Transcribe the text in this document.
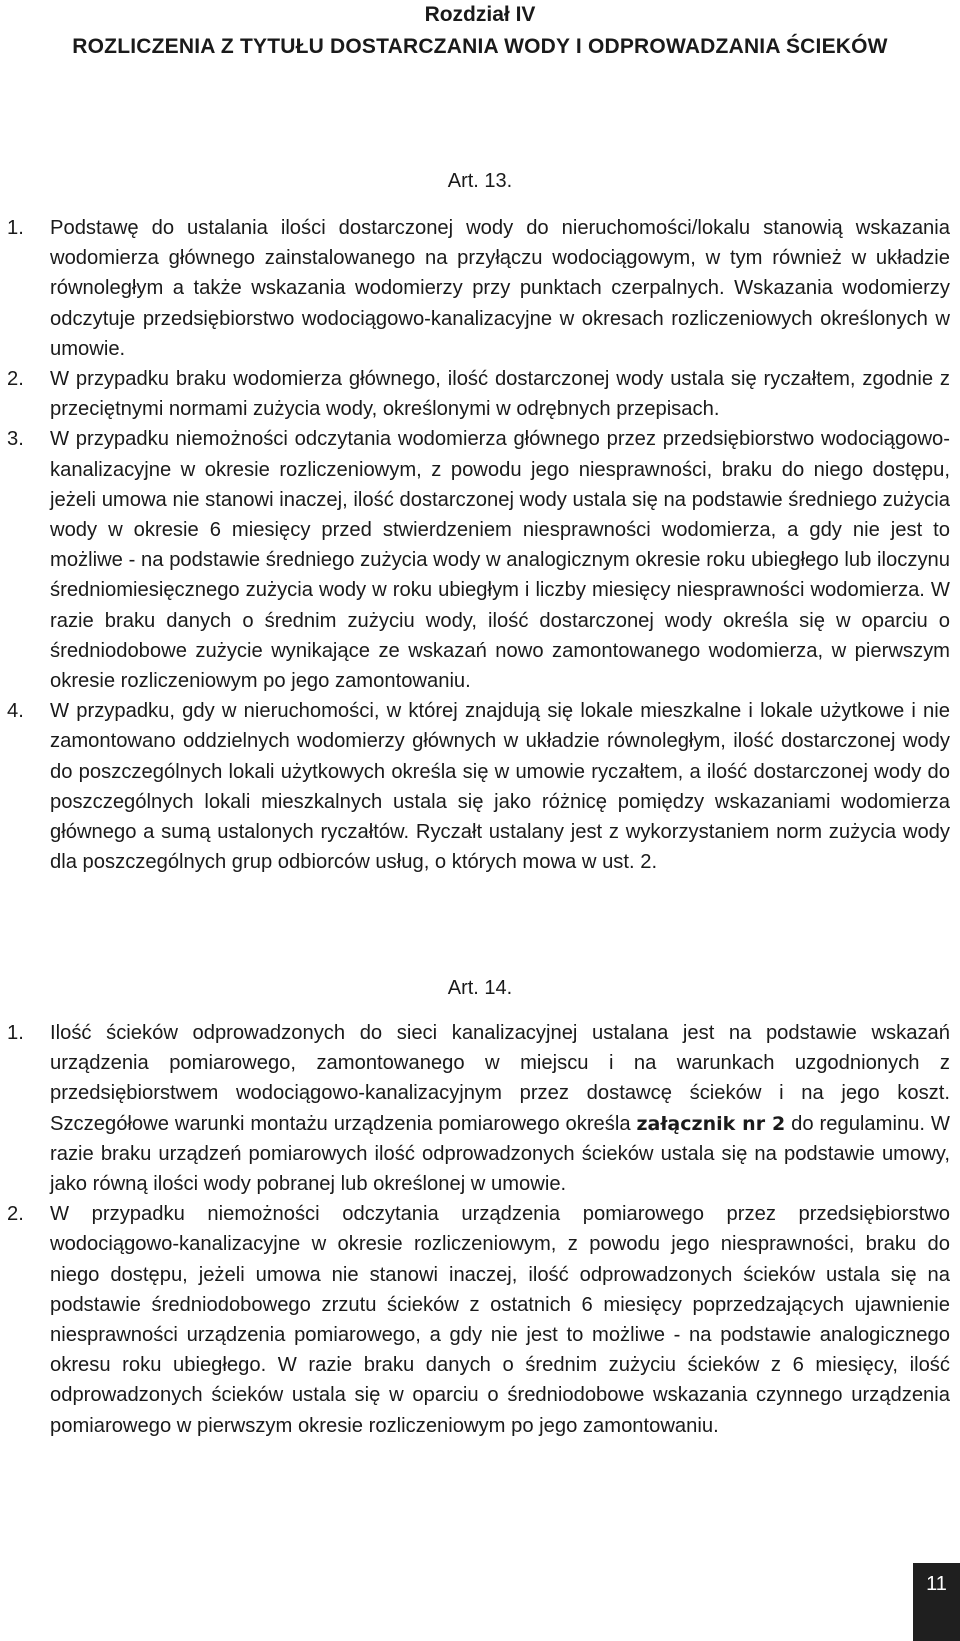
Rozdział IV
ROZLICZENIA Z TYTUŁU DOSTARCZANIA WODY I ODPROWADZANIA ŚCIEKÓW
Art. 13.

1. Podstawę do ustalania ilości dostarczonej wody do nieruchomości/lokalu stanowią wskazania wodomierza głównego zainstalowanego na przyłączu wodociągowym, w tym również w układzie równoległym a także wskazania wodomierzy przy punktach czerpalnych. Wskazania wodomierzy odczytuje przedsiębiorstwo wodociągowo-kanalizacyjne w okresach rozliczeniowych określonych w umowie.

2. W przypadku braku wodomierza głównego, ilość dostarczonej wody ustala się ryczałtem, zgodnie z przeciętnymi normami zużycia wody, określonymi w odrębnych przepisach.

3. W przypadku niemożności odczytania wodomierza głównego przez przedsiębiorstwo wodociągowo-kanalizacyjne w okresie rozliczeniowym, z powodu jego niesprawności, braku do niego dostępu, jeżeli umowa nie stanowi inaczej, ilość dostarczonej wody ustala się na podstawie średniego zużycia wody w okresie 6 miesięcy przed stwierdzeniem niesprawności wodomierza, a gdy nie jest to możliwe - na podstawie średniego zużycia wody w analogicznym okresie roku ubiegłego lub iloczynu średniomiesięcznego zużycia wody w roku ubiegłym i liczby miesięcy niesprawności wodomierza. W razie braku danych o średnim zużyciu wody, ilość dostarczonej wody określa się w oparciu o średniodobowe zużycie wynikające ze wskazań nowo zamontowanego wodomierza, w pierwszym okresie rozliczeniowym po jego zamontowaniu.

4. W przypadku, gdy w nieruchomości, w której znajdują się lokale mieszkalne i lokale użytkowe i nie zamontowano oddzielnych wodomierzy głównych w układzie równoległym, ilość dostarczonej wody do poszczególnych lokali użytkowych określa się w umowie ryczałtem, a ilość dostarczonej wody do poszczególnych lokali mieszkalnych ustala się jako różnicę pomiędzy wskazaniami wodomierza głównego a sumą ustalonych ryczałtów. Ryczałt ustalany jest z wykorzystaniem norm zużycia wody dla poszczególnych grup odbiorców usług, o których mowa w ust. 2.

Art. 14.

1. Ilość ścieków odprowadzonych do sieci kanalizacyjnej ustalana jest na podstawie wskazań urządzenia pomiarowego, zamontowanego w miejscu i na warunkach uzgodnionych z przedsiębiorstwem wodociągowo-kanalizacyjnym przez dostawcę ścieków i na jego koszt. Szczegółowe warunki montażu urządzenia pomiarowego określa załącznik nr 2 do regulaminu. W razie braku urządzeń pomiarowych ilość odprowadzonych ścieków ustala się na podstawie umowy, jako równą ilości wody pobranej lub określonej w umowie.

2. W przypadku niemożności odczytania urządzenia pomiarowego przez przedsiębiorstwo wodociągowo-kanalizacyjne w okresie rozliczeniowym, z powodu jego niesprawności, braku do niego dostępu, jeżeli umowa nie stanowi inaczej, ilość odprowadzonych ścieków ustala się na podstawie średniodobowego zrzutu ścieków z ostatnich 6 miesięcy poprzedzających ujawnienie niesprawności urządzenia pomiarowego, a gdy nie jest to możliwe - na podstawie analogicznego okresu roku ubiegłego. W razie braku danych o średnim zużyciu ścieków z 6 miesięcy, ilość odprowadzonych ścieków ustala się w oparciu o średniodobowe wskazania czynnego urządzenia pomiarowego w pierwszym okresie rozliczeniowym po jego zamontowaniu.

11
